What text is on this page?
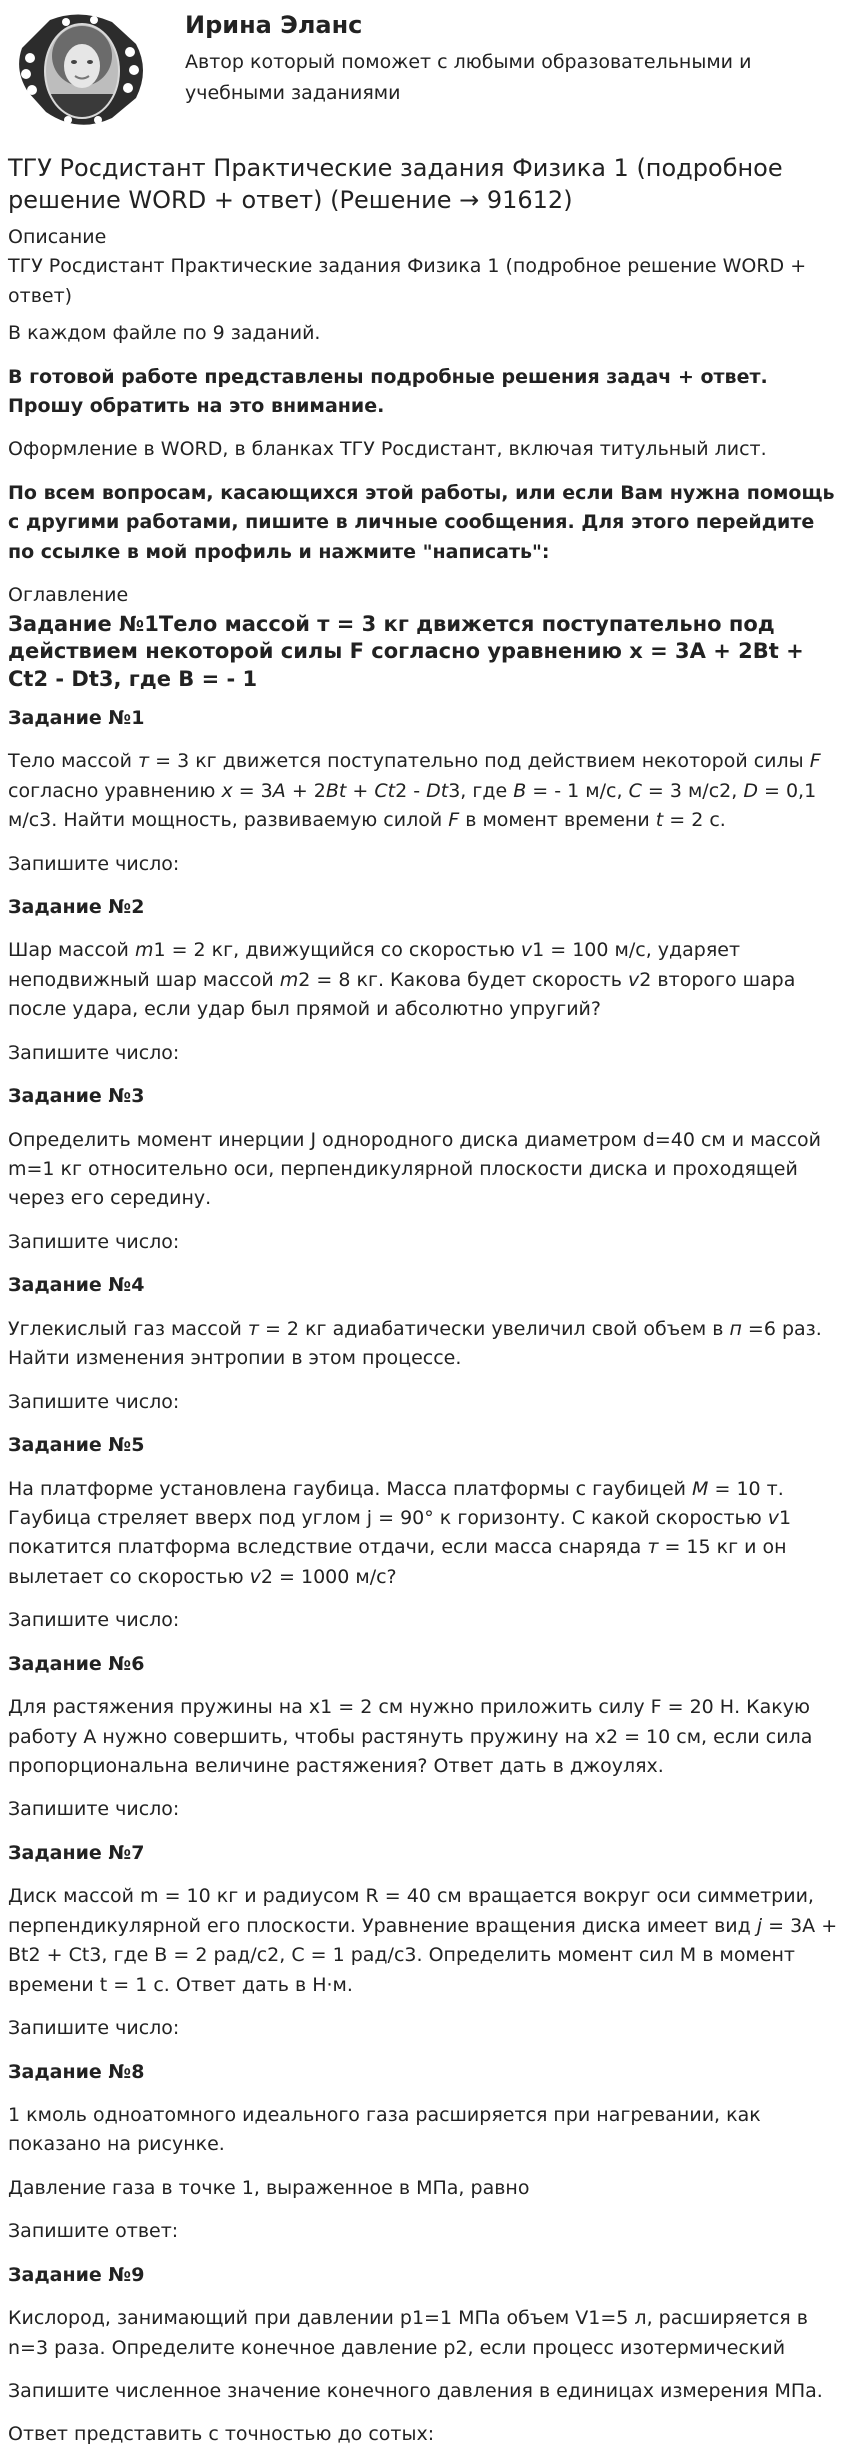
Ирина Эланс
Автор который поможет с любыми образовательными и учебными заданиями
ТГУ Росдистант Практические задания Физика 1 (подробное решение WORD + ответ) (Решение → 91612)
Описание

ТГУ Росдистант Практические задания Физика 1 (подробное решение WORD + ответ)

В каждом файле по 9 заданий.

В готовой работе представлены подробные решения задач + ответ. Прошу обратить на это внимание.

Оформление в WORD, в бланках ТГУ Росдистант, включая титульный лист.

По всем вопросам, касающихся этой работы, или если Вам нужна помощь с другими работами, пишите в личные сообщения. Для этого перейдите по ссылке в мой профиль и нажмите "написать":

Оглавление
Задание №1Тело массой т = 3 кг движется поступательно под действием некоторой силы F согласно уравнению х = 3А + 2Bt + Ct2 - Dt3, где В = - 1
Задание №1

Тело массой т = 3 кг движется поступательно под действием некоторой силы F согласно уравнению х = 3А + 2Bt + Ct2 - Dt3, где В = - 1 м/с, С = 3 м/с2, D = 0,1 м/с3. Найти мощность, развиваемую силой F в момент времени t = 2 с.

Запишите число:
Задание №2

Шар массой m1 = 2 кг, движущийся со скоростью v1 = 100 м/с, ударяет неподвижный шар массой m2 = 8 кг. Какова будет скорость v2 второго шара после удара, если удар был прямой и абсолютно упругий?

Запишите число:
Задание №3

Определить момент инерции J однородного диска диаметром d=40 см и массой m=1 кг относительно оси, перпендикулярной плоскости диска и проходящей через его середину.

Запишите число:
Задание №4

Углекислый газ массой т = 2 кг адиабатически увеличил свой объем в п =6 раз. Найти изменения энтропии в этом процессе.

Запишите число:
Задание №5

На платформе установлена гаубица. Масса платформы с гаубицей М = 10 т. Гаубица стреляет вверх под углом j = 90° к горизонту. С какой скоростью v1 покатится платформа вследствие отдачи, если масса снаряда т = 15 кг и он вылетает со скоростью v2 = 1000 м/с?

Запишите число:
Задание №6

Для растяжения пружины на x1 = 2 см нужно приложить силу F = 20 Н. Какую работу А нужно совершить, чтобы растянуть пружину на x2 = 10 см, если сила пропорциональна величине растяжения? Ответ дать в джоулях.

Запишите число:
Задание №7

Диск массой m = 10 кг и радиусом R = 40 см вращается вокруг оси симметрии, перпендикулярной его плоскости. Уравнение вращения диска имеет вид j = 3A + Bt2 + Ct3, где B = 2 рад/с2, C = 1 рад/с3. Определить момент сил M в момент времени t = 1 с. Ответ дать в Н·м.

Запишите число:
Задание №8

1 кмоль одноатомного идеального газа расширяется при нагревании, как показано на рисунке.

Давление газа в точке 1, выраженное в МПа, равно

Запишите ответ:
Задание №9

Кислород, занимающий при давлении p1=1 МПа объем V1=5 л, расширяется в n=3 раза. Определите конечное давление p2, если процесс изотермический

Запишите численное значение конечного давления в единицах измерения МПа.

Ответ представить с точностью до сотых:
